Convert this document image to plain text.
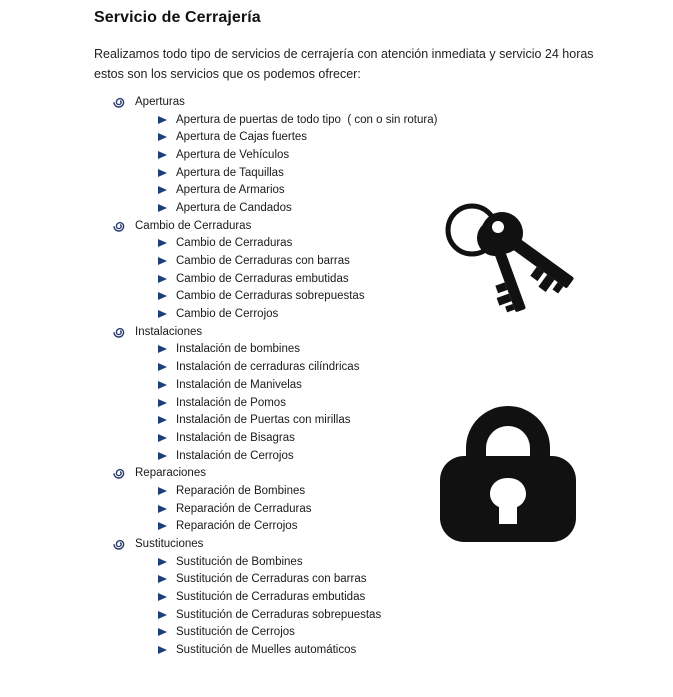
Servicio de Cerrajería
Realizamos todo tipo de servicios de cerrajería con atención inmediata y servicio 24 horas estos son los servicios que os podemos ofrecer:
Aperturas
Apertura de puertas de todo tipo  ( con o sin rotura)
Apertura de Cajas fuertes
Apertura de Vehículos
Apertura de Taquillas
Apertura de Armarios
Apertura de Candados
Cambio de Cerraduras
Cambio de Cerraduras
Cambio de Cerraduras con barras
Cambio de Cerraduras embutidas
Cambio de Cerraduras sobrepuestas
Cambio de Cerrojos
Instalaciones
Instalación de bombines
Instalación de cerraduras cilíndricas
Instalación de Manivelas
Instalación de Pomos
Instalación de Puertas con mirillas
Instalación de Bisagras
Instalación de Cerrojos
Reparaciones
Reparación de Bombines
Reparación de Cerraduras
Reparación de Cerrojos
Sustituciones
Sustitución de Bombines
Sustitución de Cerraduras con barras
Sustitución de Cerraduras embutidas
Sustitución de Cerraduras sobrepuestas
Sustitución de Cerrojos
Sustitución de Muelles automáticos
